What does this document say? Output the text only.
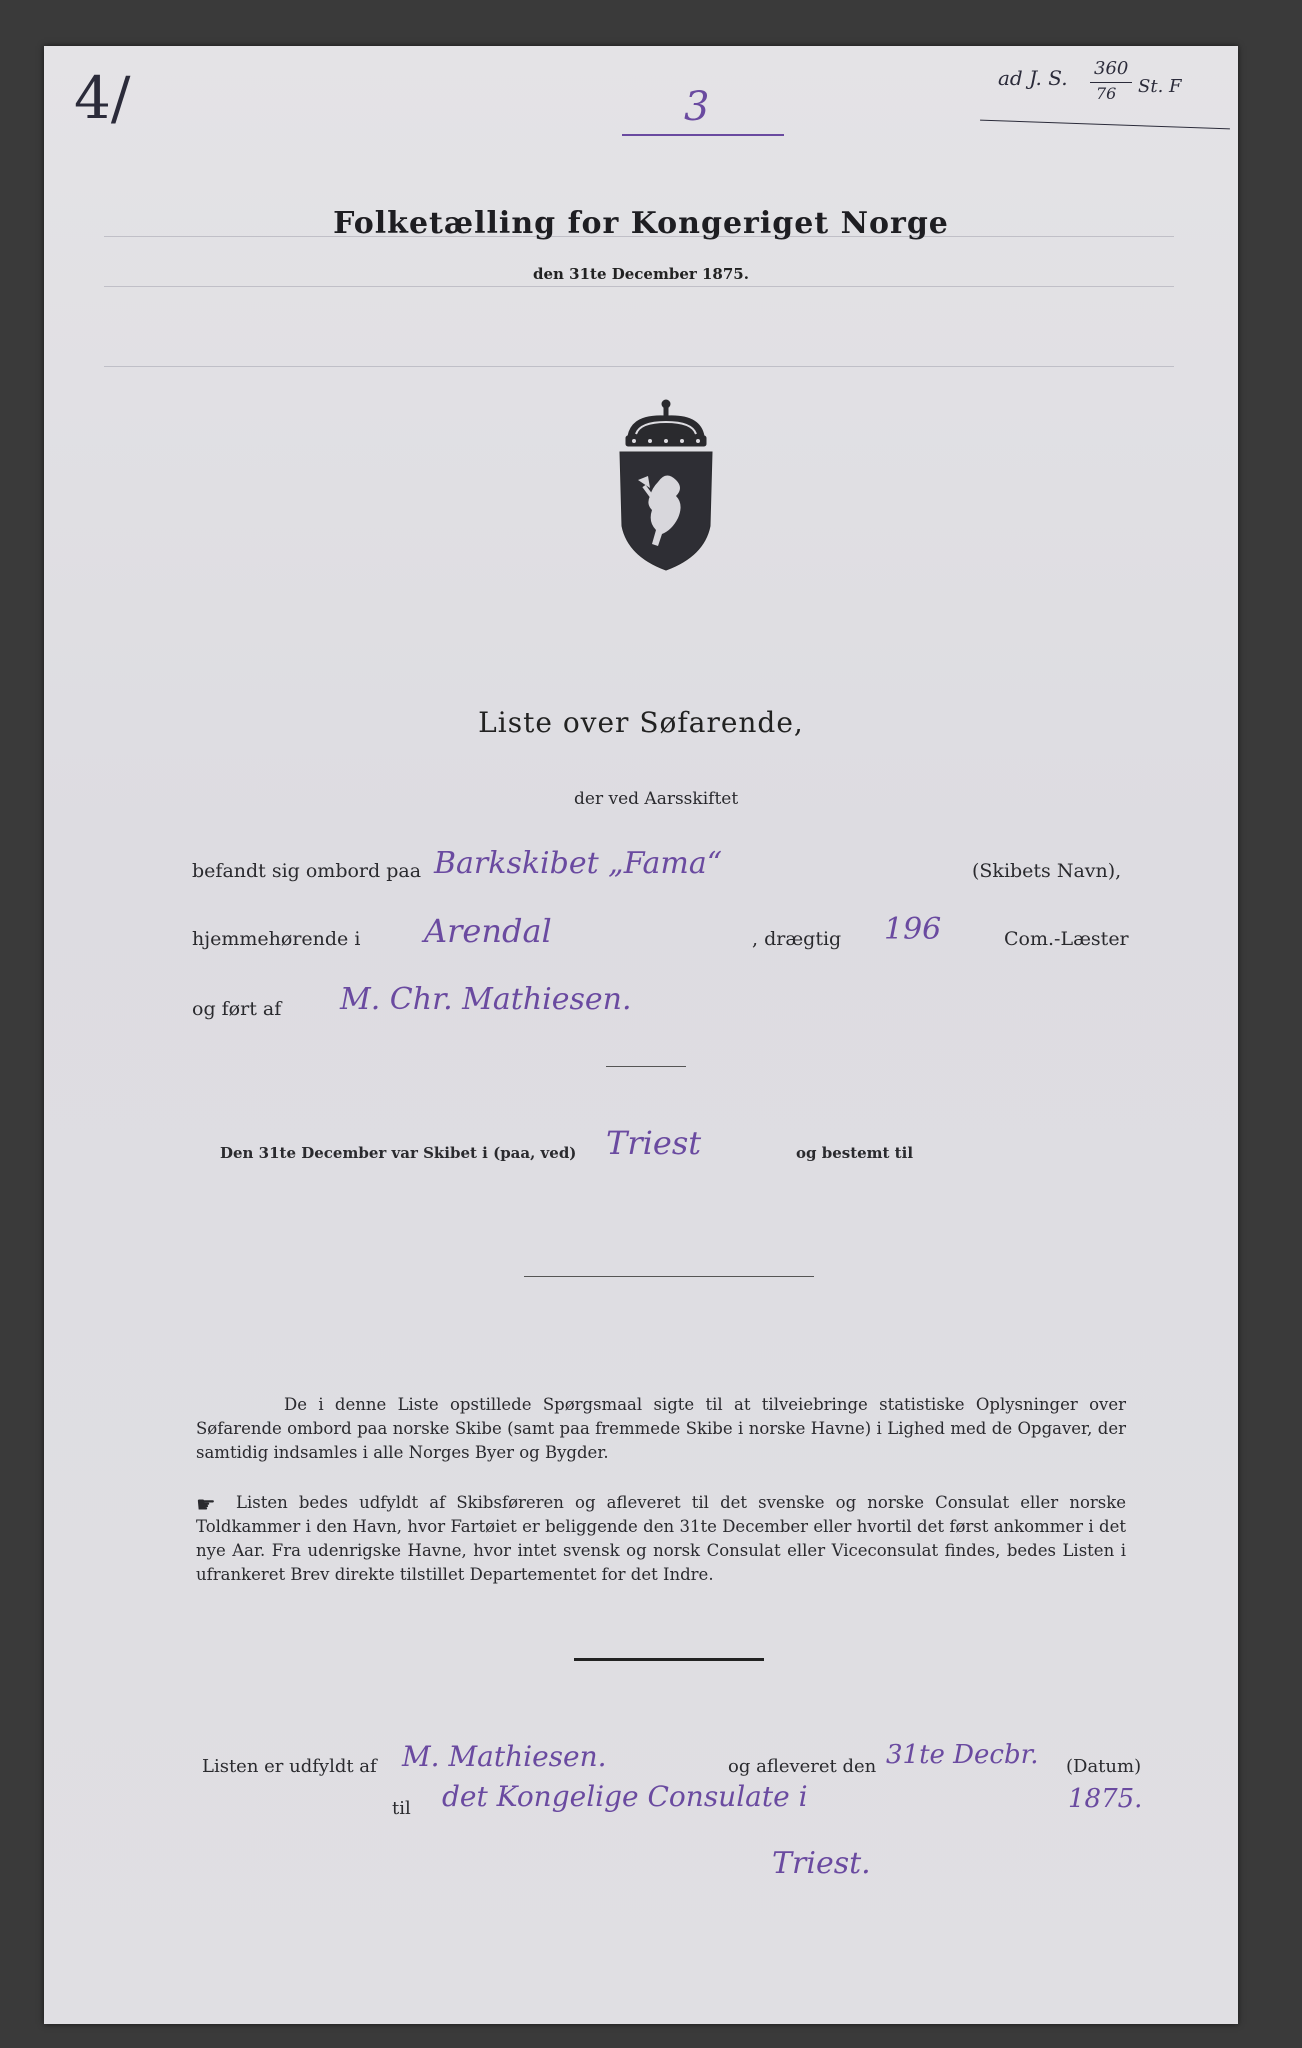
4/	3
ad J. S. 360
76 St. F
Folketælling for Kongeriget Norge
den 31te December 1875.
Liste over Søfarende,
der ved Aarsskiftet
befandt sig ombord paa Barkskibet „Fama“	(Skibets Navn),
hjemmehørende i Arendal	, drægtig 196	Com.-Læster
og ført af M. Chr. Mathiesen.
Den 31te December var Skibet i (paa, ved) Triest	og bestemt til
De i denne Liste opstillede Spørgsmaal sigte til at tilveiebringe statistiske Oplysninger over Søfarende ombord paa norske Skibe (samt paa fremmede Skibe i norske Havne) i Lighed med de Opgaver, der samtidig indsamles i alle Norges Byer og Bygder.
☛	Listen bedes udfyldt af Skibsføreren og afleveret til det svenske og norske Consulat eller norske Toldkammer i den Havn, hvor Fartøiet er beliggende den 31te December eller hvortil det først ankommer i det nye Aar. Fra udenrigske Havne, hvor intet svensk og norsk Consulat eller Viceconsulat findes, bedes Listen i ufrankeret Brev direkte tilstillet Departementet for det Indre.
Listen er udfyldt af M. Mathiesen.	og afleveret den 31te Decbr. (Datum)
1875.
til det Kongelige Consulate i
Triest.
